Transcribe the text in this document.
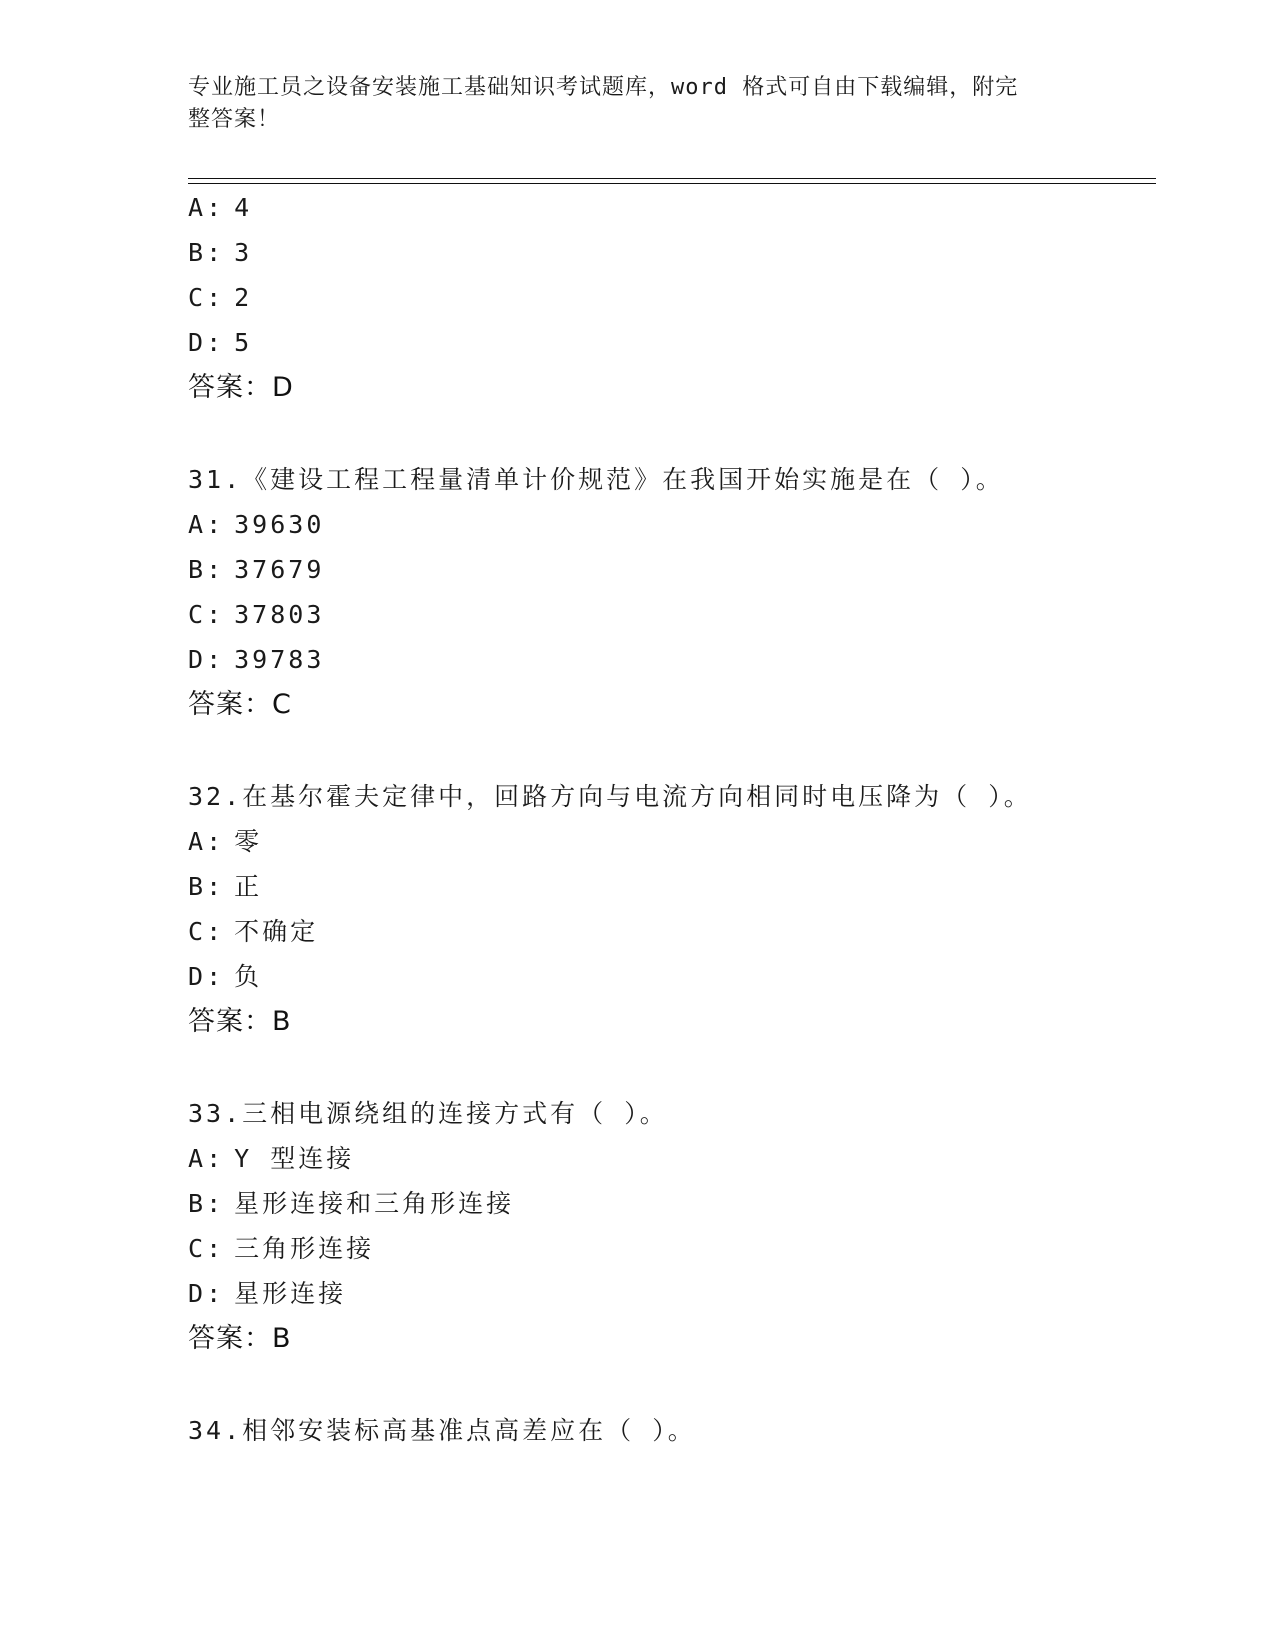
专业施工员之设备安装施工基础知识考试题库，word 格式可自由下载编辑，附完
整答案！
A: 4
B: 3
C: 2
D: 5
答案：D
31.《建设工程工程量清单计价规范》在我国开始实施是在（ ）。
A: 39630
B: 37679
C: 37803
D: 39783
答案：C
32.在基尔霍夫定律中，回路方向与电流方向相同时电压降为（ ）。
A: 零
B: 正
C: 不确定
D: 负
答案：B
33.三相电源绕组的连接方式有（ ）。
A: Y 型连接
B: 星形连接和三角形连接
C: 三角形连接
D: 星形连接
答案：B
34.相邻安装标高基准点高差应在（ ）。
